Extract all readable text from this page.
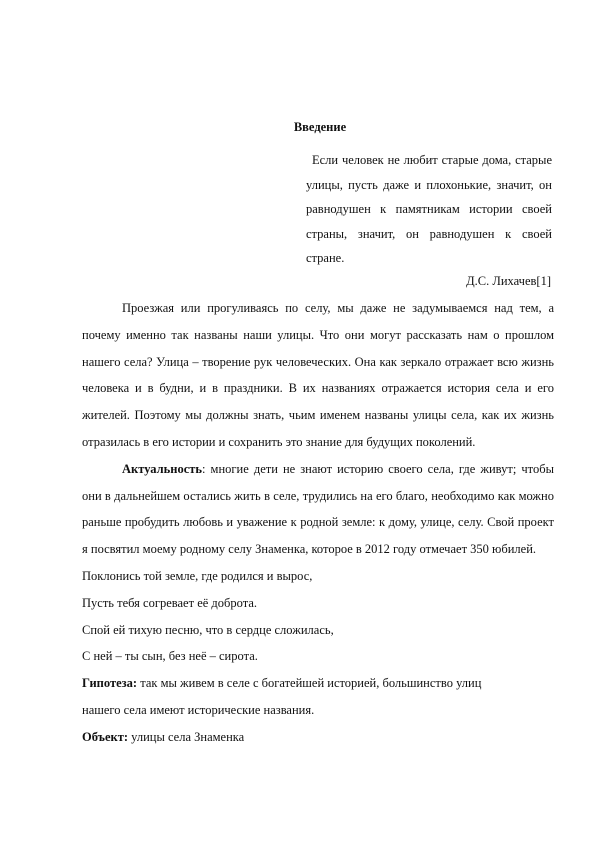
Введение

Если человек не любит старые дома, старые улицы, пусть даже и плохонькие, значит, он равнодушен к памятникам истории своей страны, значит, он равнодушен к своей стране.

Д.С. Лихачев[1]

Проезжая или прогуливаясь по селу, мы даже не задумываемся над тем, а почему именно так названы наши улицы. Что они могут рассказать нам о прошлом нашего села? Улица – творение рук человеческих. Она как зеркало отражает всю жизнь человека и в будни, и в праздники. В их названиях отражается история села и его жителей. Поэтому мы должны знать, чьим именем названы улицы села, как их жизнь отразилась в его истории и сохранить это знание для будущих поколений.

Актуальность: многие дети не знают историю своего села, где живут; чтобы они в дальнейшем остались жить в селе, трудились на его благо, необходимо как можно раньше пробудить любовь и уважение к родной земле: к дому, улице, селу. Свой проект я посвятил моему родному селу Знаменка, которое в 2012 году отмечает 350 юбилей.

Поклонись той земле, где родился и вырос,

Пусть тебя согревает её доброта.

Спой ей тихую песню, что в сердце сложилась,

С ней – ты сын, без неё – сирота.

Гипотеза: так мы живем в селе с богатейшей историей, большинство улиц

нашего села имеют исторические названия.

Объект: улицы села Знаменка
